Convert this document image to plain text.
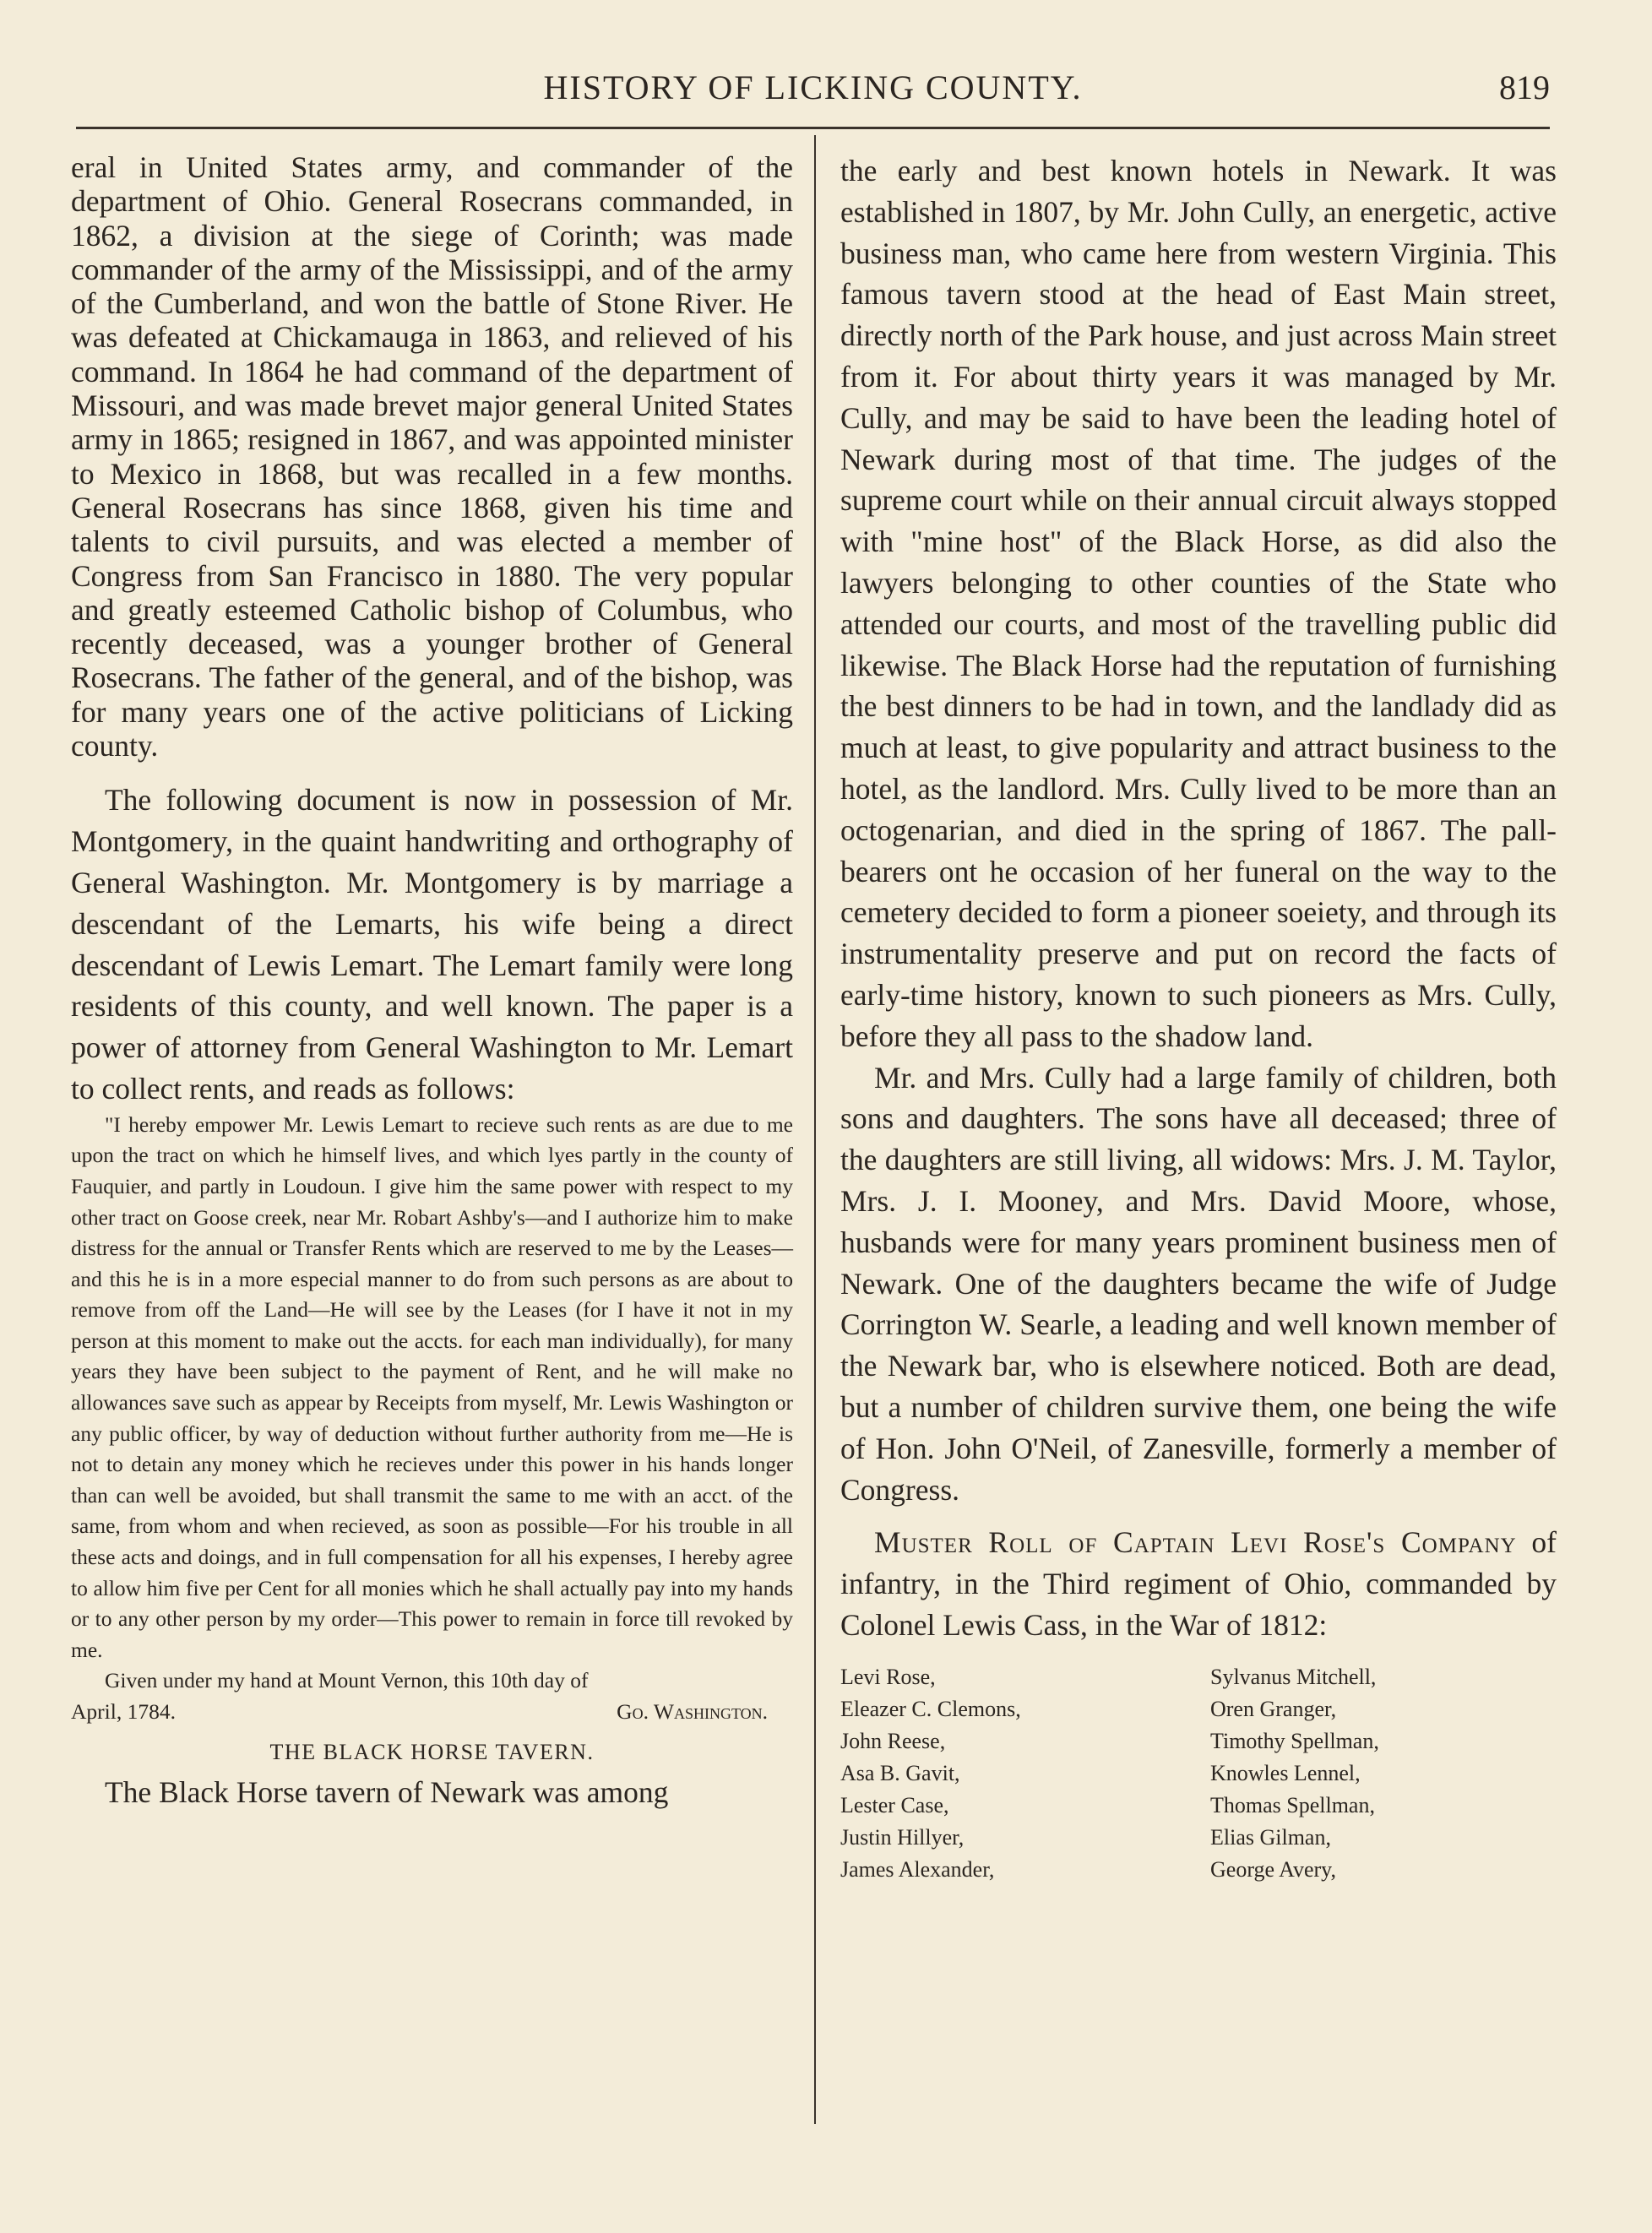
HISTORY OF LICKING COUNTY.	819

eral in United States army, and commander of the department of Ohio. General Rosecrans commanded, in 1862, a division at the siege of Corinth; was made commander of the army of the Mississippi, and of the army of the Cumberland, and won the battle of Stone River. He was defeated at Chickamauga in 1863, and relieved of his command. In 1864 he had command of the department of Missouri, and was made brevet major general United States army in 1865; resigned in 1867, and was appointed minister to Mexico in 1868, but was recalled in a few months. General Rosecrans has since 1868, given his time and talents to civil pursuits, and was elected a member of Congress from San Francisco in 1880. The very popular and greatly esteemed Catholic bishop of Columbus, who recently deceased, was a younger brother of General Rosecrans. The father of the general, and of the bishop, was for many years one of the active politicians of Licking county.

The following document is now in possession of Mr. Montgomery, in the quaint handwriting and orthography of General Washington. Mr. Montgomery is by marriage a descendant of the Lemarts, his wife being a direct descendant of Lewis Lemart. The Lemart family were long residents of this county, and well known. The paper is a power of attorney from General Washington to Mr. Lemart to collect rents, and reads as follows:

"I hereby empower Mr. Lewis Lemart to recieve such rents as are due to me upon the tract on which he himself lives, and which lyes partly in the county of Fauquier, and partly in Loudoun. I give him the same power with respect to my other tract on Goose creek, near Mr. Robart Ashby's—and I authorize him to make distress for the annual or Transfer Rents which are reserved to me by the Leases—and this he is in a more especial manner to do from such persons as are about to remove from off the Land—He will see by the Leases (for I have it not in my person at this moment to make out the accts. for each man individually), for many years they have been subject to the payment of Rent, and he will make no allowances save such as appear by Receipts from myself, Mr. Lewis Washington or any public officer, by way of deduction without further authority from me—He is not to detain any money which he recieves under this power in his hands longer than can well be avoided, but shall transmit the same to me with an acct. of the same, from whom and when recieved, as soon as possible—For his trouble in all these acts and doings, and in full compensation for all his expenses, I hereby agree to allow him five per Cent for all monies which he shall actually pay into my hands or to any other person by my order—This power to remain in force till revoked by me.

Given under my hand at Mount Vernon, this 10th day of

April, 1784.	Go. Washington.
THE BLACK HORSE TAVERN.

The Black Horse tavern of Newark was among

the early and best known hotels in Newark. It was established in 1807, by Mr. John Cully, an energetic, active business man, who came here from western Virginia. This famous tavern stood at the head of East Main street, directly north of the Park house, and just across Main street from it. For about thirty years it was managed by Mr. Cully, and may be said to have been the leading hotel of Newark during most of that time. The judges of the supreme court while on their annual circuit always stopped with "mine host" of the Black Horse, as did also the lawyers belonging to other counties of the State who attended our courts, and most of the travelling public did likewise. The Black Horse had the reputation of furnishing the best dinners to be had in town, and the landlady did as much at least, to give popularity and attract business to the hotel, as the landlord. Mrs. Cully lived to be more than an octogenarian, and died in the spring of 1867. The pall-bearers ont he occasion of her funeral on the way to the cemetery decided to form a pioneer soeiety, and through its instrumentality preserve and put on record the facts of early-time history, known to such pioneers as Mrs. Cully, before they all pass to the shadow land.

Mr. and Mrs. Cully had a large family of children, both sons and daughters. The sons have all deceased; three of the daughters are still living, all widows: Mrs. J. M. Taylor, Mrs. J. I. Mooney, and Mrs. David Moore, whose, husbands were for many years prominent business men of Newark. One of the daughters became the wife of Judge Corrington W. Searle, a leading and well known member of the Newark bar, who is elsewhere noticed. Both are dead, but a number of children survive them, one being the wife of Hon. John O'Neil, of Zanesville, formerly a member of Congress.

Muster Roll of Captain Levi Rose's Company of infantry, in the Third regiment of Ohio, commanded by Colonel Lewis Cass, in the War of 1812:

Levi Rose,
Eleazer C. Clemons,
John Reese,
Asa B. Gavit,
Lester Case,
Justin Hillyer,
James Alexander,
Sylvanus Mitchell,
Oren Granger,
Timothy Spellman,
Knowles Lennel,
Thomas Spellman,
Elias Gilman,
George Avery,
